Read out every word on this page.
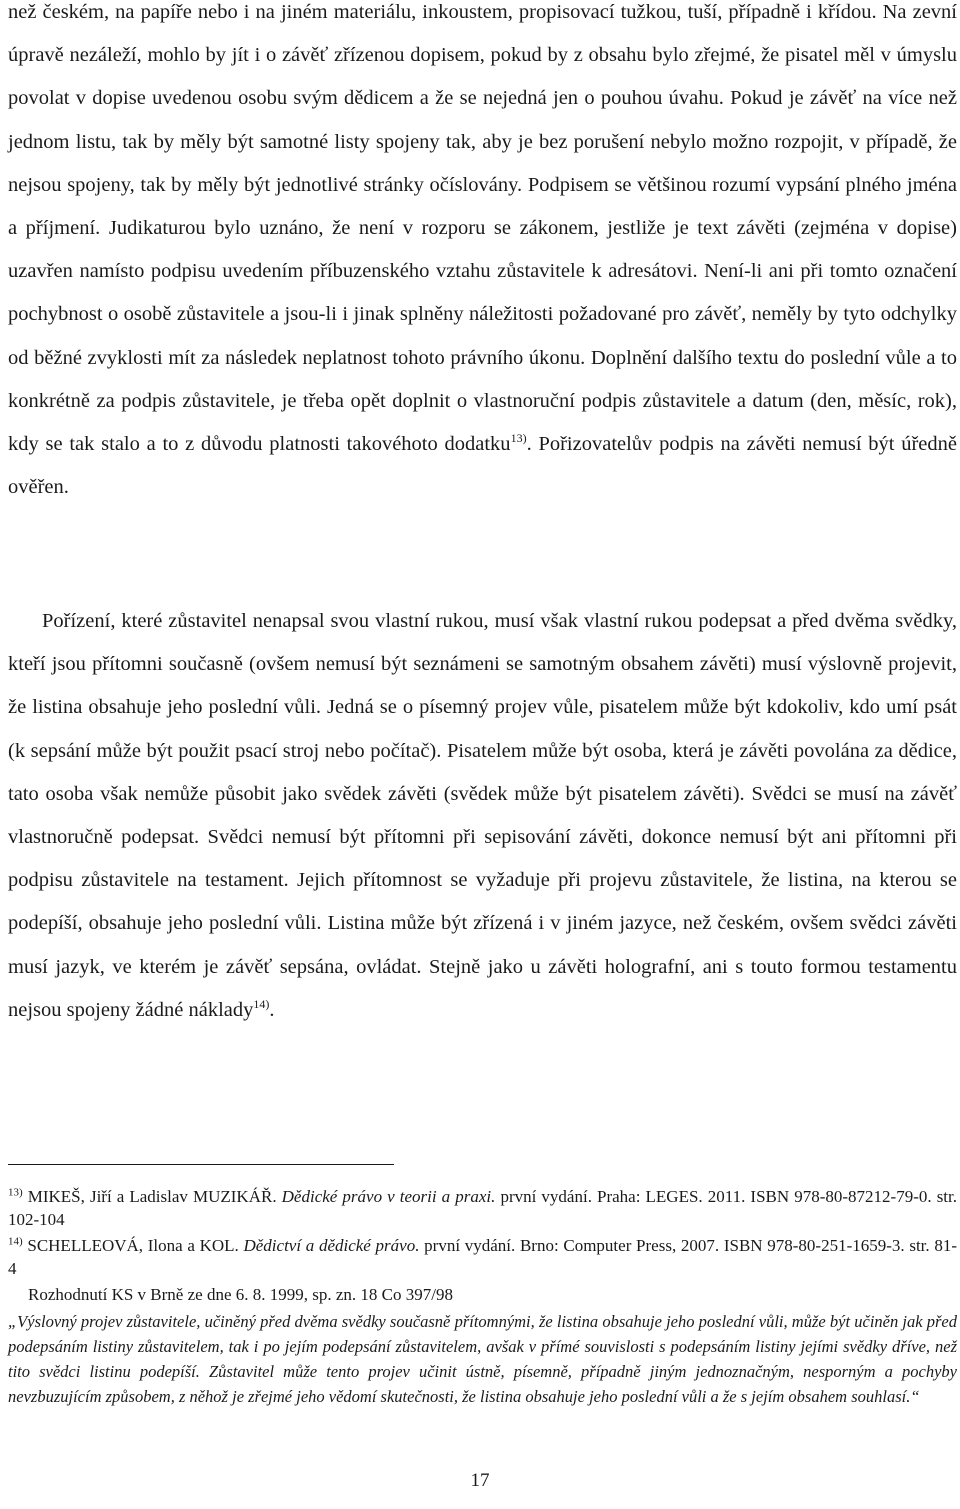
než českém, na papíře nebo i na jiném materiálu, inkoustem, propisovací tužkou, tuší, případně i křídou. Na zevní úpravě nezáleží, mohlo by jít i o závěť zřízenou dopisem, pokud by z obsahu bylo zřejmé, že pisatel měl v úmyslu povolat v dopise uvedenou osobu svým dědicem a že se nejedná jen o pouhou úvahu. Pokud je závěť na více než jednom listu, tak by měly být samotné listy spojeny tak, aby je bez porušení nebylo možno rozpojit, v případě, že nejsou spojeny, tak by měly být jednotlivé stránky očíslovány. Podpisem se většinou rozumí vypsání plného jména a příjmení. Judikaturou bylo uznáno, že není v rozporu se zákonem, jestliže je text závěti (zejména v dopise) uzavřen namísto podpisu uvedením příbuzenského vztahu zůstavitele k adresátovi. Není-li ani při tomto označení pochybnost o osobě zůstavitele a jsou-li i jinak splněny náležitosti požadované pro závěť, neměly by tyto odchylky od běžné zvyklosti mít za následek neplatnost tohoto právního úkonu. Doplnění dalšího textu do poslední vůle a to konkrétně za podpis zůstavitele, je třeba opět doplnit o vlastnoruční podpis zůstavitele a datum (den, měsíc, rok), kdy se tak stalo a to z důvodu platnosti takovéhoto dodatku$^{13)}$. Pořizovatelův podpis na závěti nemusí být úředně ověřen.

Pořízení, které zůstavitel nenapsal svou vlastní rukou, musí však vlastní rukou podepsat a před dvěma svědky, kteří jsou přítomni současně (ovšem nemusí být seznámeni se samotným obsahem závěti) musí výslovně projevit, že listina obsahuje jeho poslední vůli. Jedná se o písemný projev vůle, pisatelem může být kdokoliv, kdo umí psát (k sepsání může být použit psací stroj nebo počítač). Pisatelem může být osoba, která je závěti povolána za dědice, tato osoba však nemůže působit jako svědek závěti (svědek může být pisatelem závěti). Svědci se musí na závěť vlastnoručně podepsat. Svědci nemusí být přítomni při sepisování závěti, dokonce nemusí být ani přítomni při podpisu zůstavitele na testament. Jejich přítomnost se vyžaduje při projevu zůstavitele, že listina, na kterou se podepíší, obsahuje jeho poslední vůli. Listina může být zřízená i v jiném jazyce, než českém, ovšem svědci závěti musí jazyk, ve kterém je závěť sepsána, ovládat. Stejně jako u závěti holografní, ani s touto formou testamentu nejsou spojeny žádné náklady$^{14)}$.

$^{13)}$ MIKEŠ, Jiří a Ladislav MUZIKÁŘ. Dědické právo v teorii a praxi. první vydání. Praha: LEGES. 2011. ISBN 978-80-87212-79-0. str. 102-104

$^{14)}$ SCHELLEOVÁ, Ilona a KOL. Dědictví a dědické právo. první vydání. Brno: Computer Press, 2007. ISBN 978-80-251-1659-3. str. 81-4

Rozhodnutí KS v Brně ze dne 6. 8. 1999, sp. zn. 18 Co 397/98

„Výslovný projev zůstavitele, učiněný před dvěma svědky současně přítomnými, že listina obsahuje jeho poslední vůli, může být učiněn jak před podepsáním listiny zůstavitelem, tak i po jejím podepsání zůstavitelem, avšak v přímé souvislosti s podepsáním listiny jejími svědky dříve, než tito svědci listinu podepíší. Zůstavitel může tento projev učinit ústně, písemně, případně jiným jednoznačným, nesporným a pochyby nevzbuzujícím způsobem, z něhož je zřejmé jeho vědomí skutečnosti, že listina obsahuje jeho poslední vůli a že s jejím obsahem souhlasí.“

17
